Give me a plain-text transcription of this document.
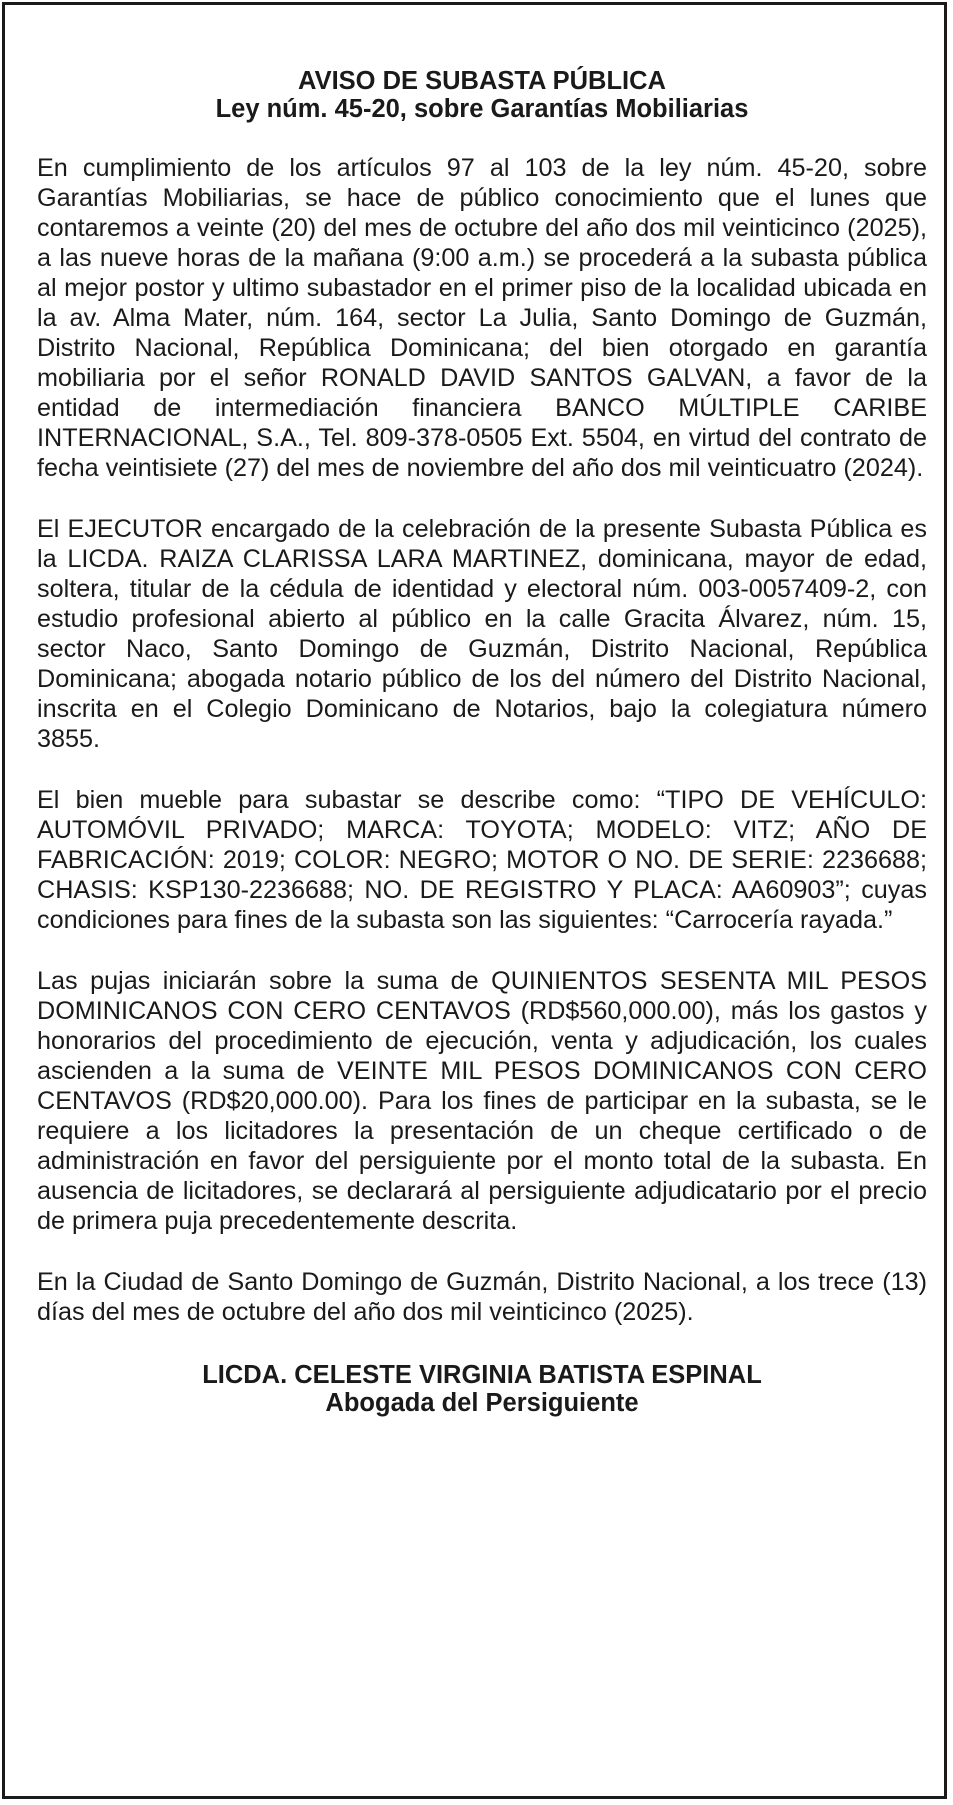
AVISO DE SUBASTA PÚBLICA

Ley núm. 45-20, sobre Garantías Mobiliarias

En cumplimiento de los artículos 97 al 103 de la ley núm. 45-20, sobre Garantías Mobiliarias, se hace de público conocimiento que el lunes que contaremos a veinte (20) del mes de octubre del año dos mil veinticinco (2025), a las nueve horas de la mañana (9:00 a.m.) se procederá a la subasta pública al mejor postor y ultimo subastador en el primer piso de la localidad ubicada en la av. Alma Mater, núm. 164, sector La Julia, Santo Domingo de Guzmán, Distrito Nacional, República Dominicana; del bien otorgado en garantía mobiliaria por el señor RONALD DAVID SANTOS GALVAN, a favor de la entidad de intermediación financiera BANCO MÚLTIPLE CARIBE INTERNACIONAL, S.A., Tel. 809-378-0505 Ext. 5504, en virtud del contrato de fecha veintisiete (27) del mes de noviembre del año dos mil veinticuatro (2024).

El EJECUTOR encargado de la celebración de la presente Subasta Pública es la LICDA. RAIZA CLARISSA LARA MARTINEZ, dominicana, mayor de edad, soltera, titular de la cédula de identidad y electoral núm. 003-0057409-2, con estudio profesional abierto al público en la calle Gracita Álvarez, núm. 15, sector Naco, Santo Domingo de Guzmán, Distrito Nacional, República Dominicana; abogada notario público de los del número del Distrito Nacional, inscrita en el Colegio Dominicano de Notarios, bajo la colegiatura número 3855.

El bien mueble para subastar se describe como: “TIPO DE VEHÍCULO: AUTOMÓVIL PRIVADO; MARCA: TOYOTA; MODELO: VITZ; AÑO DE FABRICACIÓN: 2019; COLOR: NEGRO; MOTOR O NO. DE SERIE: 2236688; CHASIS: KSP130-2236688; NO. DE REGISTRO Y PLACA: AA60903”; cuyas condiciones para fines de la subasta son las siguientes: “Carrocería rayada.”

Las pujas iniciarán sobre la suma de QUINIENTOS SESENTA MIL PESOS DOMINICANOS CON CERO CENTAVOS (RD$560,000.00), más los gastos y honorarios del procedimiento de ejecución, venta y adjudicación, los cuales ascienden a la suma de VEINTE MIL PESOS DOMINICANOS CON CERO CENTAVOS (RD$20,000.00). Para los fines de participar en la subasta, se le requiere a los licitadores la presentación de un cheque certificado o de administración en favor del persiguiente por el monto total de la subasta. En ausencia de licitadores, se declarará al persiguiente adjudicatario por el precio de primera puja precedentemente descrita.

En la Ciudad de Santo Domingo de Guzmán, Distrito Nacional, a los trece (13) días del mes de octubre del año dos mil veinticinco (2025).

LICDA. CELESTE VIRGINIA BATISTA ESPINAL

Abogada del Persiguiente
